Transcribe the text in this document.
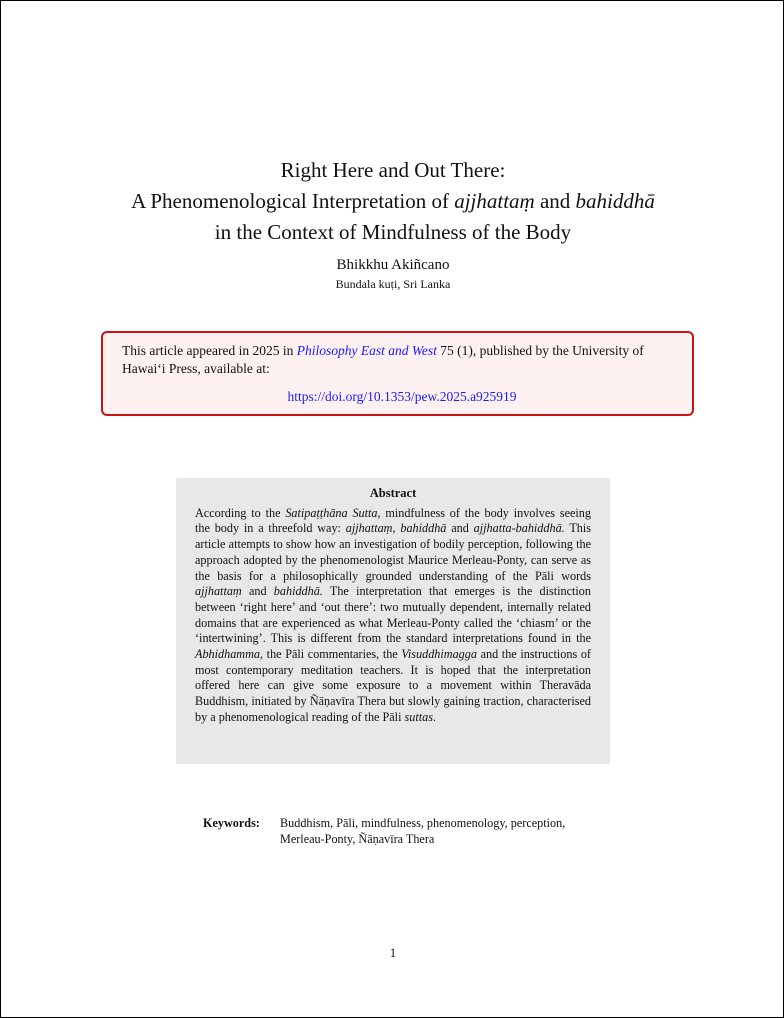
Right Here and Out There:
A Phenomenological Interpretation of ajjhattaṃ and bahiddhā
in the Context of Mindfulness of the Body
Bhikkhu Akiñcano
Bundala kuṭi, Sri Lanka
This article appeared in 2025 in Philosophy East and West 75 (1), published by the University of Hawaiʻi Press, available at:
https://doi.org/10.1353/pew.2025.a925919
Abstract

According to the Satipaṭṭhāna Sutta, mindfulness of the body involves seeing the body in a threefold way: ajjhattaṃ, bahiddhā and ajjhatta-bahiddhā. This article attempts to show how an investigation of bodily perception, following the approach adopted by the phenomenologist Maurice Merleau-Ponty, can serve as the basis for a philosophically grounded understanding of the Pāli words ajjhattaṃ and bahiddhā. The interpretation that emerges is the distinction between ‘right here’ and ‘out there’: two mutually dependent, internally related domains that are experienced as what Merleau-Ponty called the ‘chiasm’ or the ‘intertwining’. This is different from the standard interpretations found in the Abhidhamma, the Pāli commentaries, the Visuddhimagga and the instructions of most contemporary meditation teachers. It is hoped that the interpretation offered here can give some exposure to a movement within Theravāda Buddhism, initiated by Ñāṇavīra Thera but slowly gaining traction, characterised by a phenomenological reading of the Pāli suttas.

Keywords: Buddhism, Pāli, mindfulness, phenomenology, perception, Merleau-Ponty, Ñāṇavīra Thera
1
